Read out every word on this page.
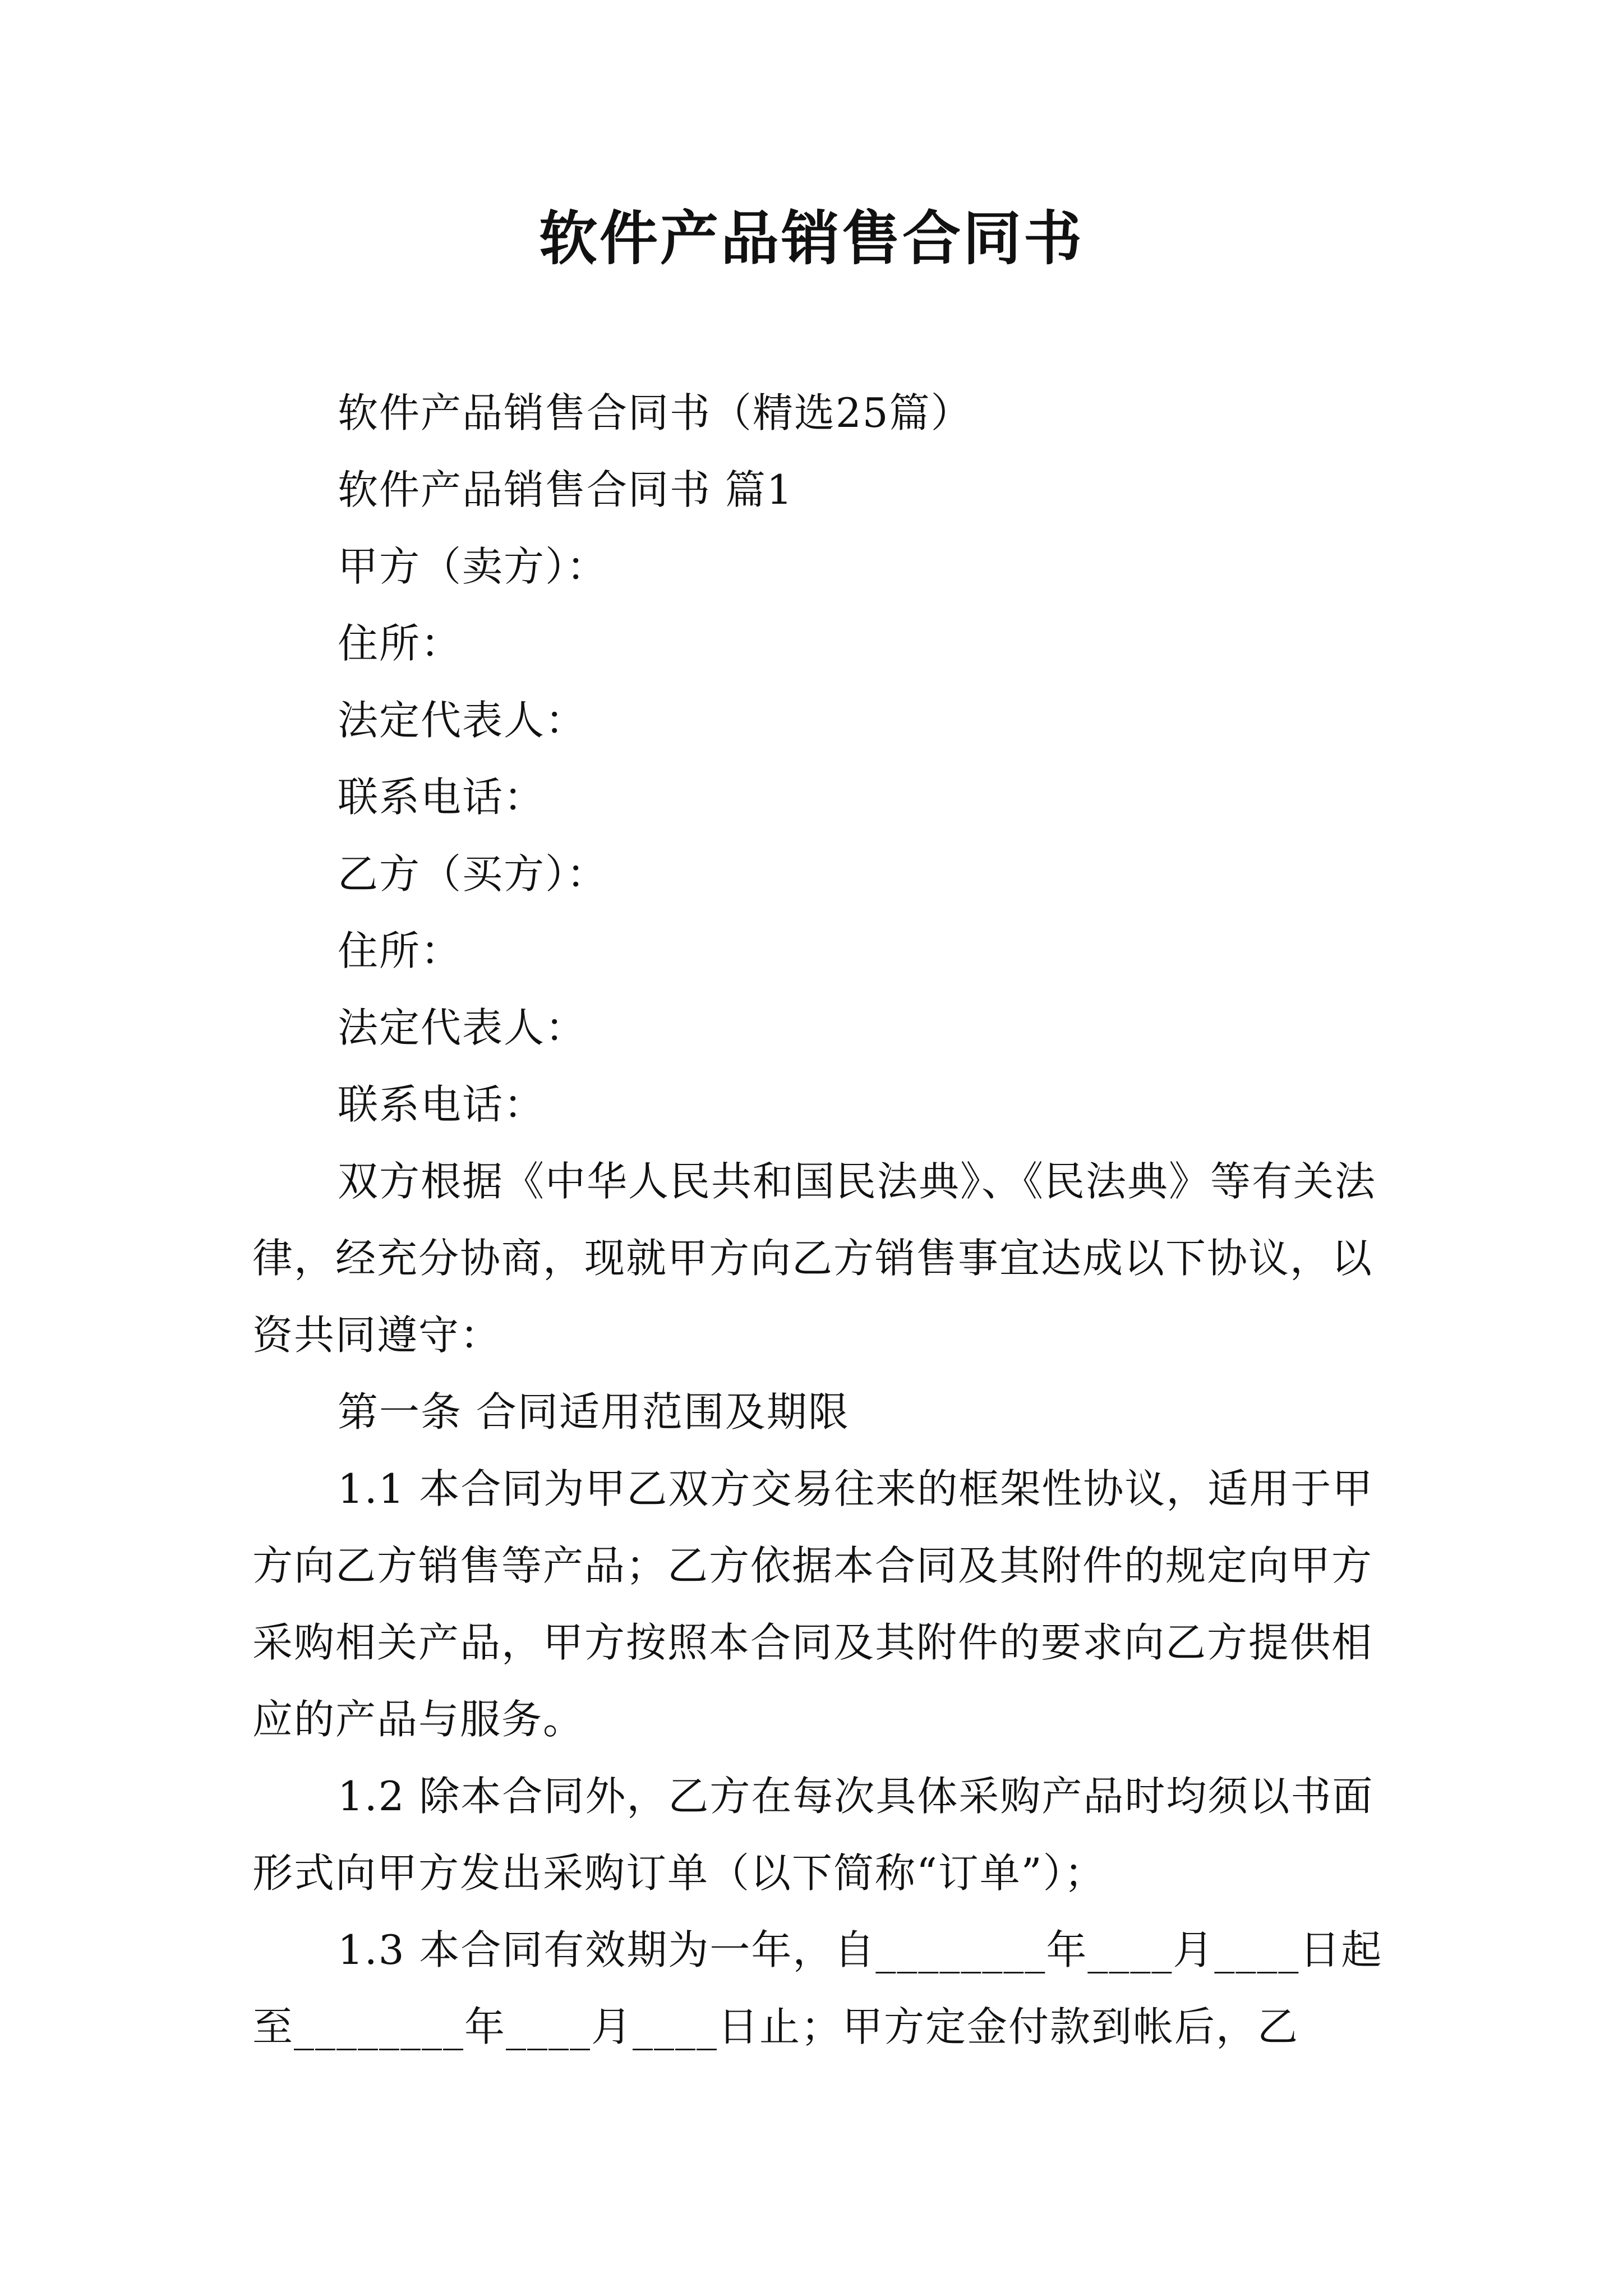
软件产品销售合同书

软件产品销售合同书（精选25篇）

软件产品销售合同书 篇1

甲方（卖方）：

住所：

法定代表人：

联系电话：

乙方（买方）：

住所：

法定代表人：

联系电话：

双方根据《中华人民共和国民法典》、《民法典》等有关法律，经充分协商，现就甲方向乙方销售事宜达成以下协议，以资共同遵守：

第一条 合同适用范围及期限

1.1 本合同为甲乙双方交易往来的框架性协议，适用于甲方向乙方销售等产品；乙方依据本合同及其附件的规定向甲方采购相关产品，甲方按照本合同及其附件的要求向乙方提供相应的产品与服务。

1.2 除本合同外，乙方在每次具体采购产品时均须以书面形式向甲方发出采购订单（以下简称“订单”）；

1.3 本合同有效期为一年，自________年____月____日起至________年____月____日止；甲方定金付款到帐后，乙
